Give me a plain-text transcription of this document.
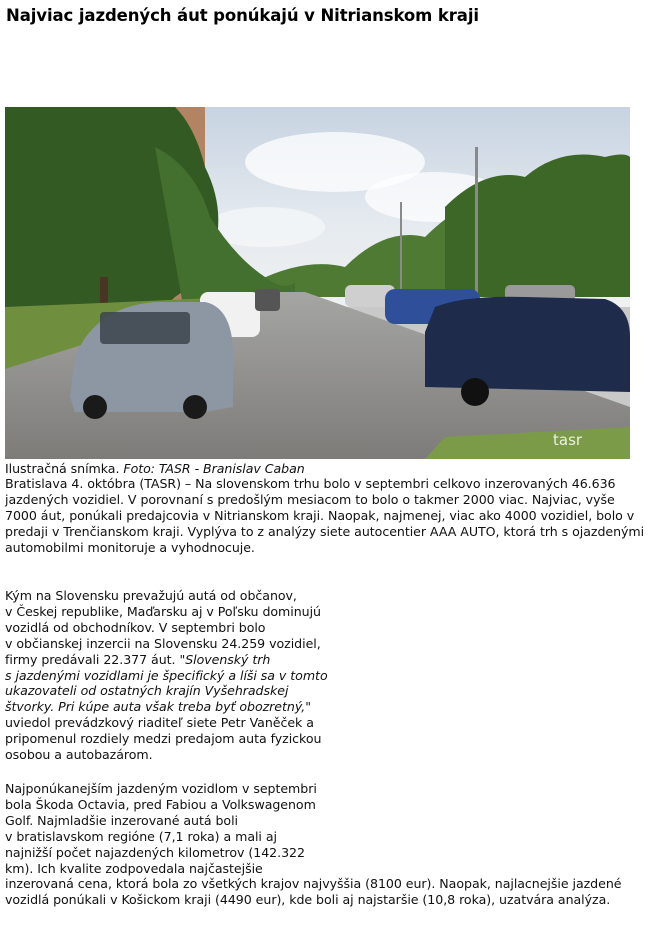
Najviac jazdených áut ponúkajú v Nitrianskom kraji
tasr
Ilustračná snímka. Foto: TASR - Branislav Caban

Bratislava 4. októbra (TASR) – Na slovenskom trhu bolo v septembri celkovo inzerovaných 46.636 jazdených vozidiel. V porovnaní s predošlým mesiacom to bolo o takmer 2000 viac. Najviac, vyše 7000 áut, ponúkali predajcovia v Nitrianskom kraji. Naopak, najmenej, viac ako 4000 vozidiel, bolo v predaji v Trenčianskom kraji. Vyplýva to z analýzy siete autocentier AAA AUTO, ktorá trh s ojazdenými automobilmi monitoruje a vyhodnocuje.

Kým na Slovensku prevažujú autá od občanov,
v Českej republike, Maďarsku aj v Poľsku dominujú
vozidlá od obchodníkov. V septembri bolo
v občianskej inzercii na Slovensku 24.259 vozidiel,
firmy predávali 22.377 áut. "Slovenský trh
s jazdenými vozidlami je špecifický a líši sa v tomto
ukazovateli od ostatných krajín Vyšehradskej
štvorky. Pri kúpe auta však treba byť obozretný,"
uviedol prevádzkový riaditeľ siete Petr Vaněček a
pripomenul rozdiely medzi predajom auta fyzickou
osobou a autobazárom.
Najponúkanejším jazdeným vozidlom v septembri
bola Škoda Octavia, pred Fabiou a Volkswagenom
Golf. Najmladšie inzerované autá boli
v bratislavskom regióne (7,1 roka) a mali aj
najnižší počet najazdených kilometrov (142.322
km). Ich kvalite zodpovedala najčastejšie
inzerovaná cena, ktorá bola zo všetkých krajov najvyššia (8100 eur). Naopak, najlacnejšie jazdené vozidlá ponúkali v Košickom kraji (4490 eur), kde boli aj najstaršie (10,8 roka), uzatvára analýza.
